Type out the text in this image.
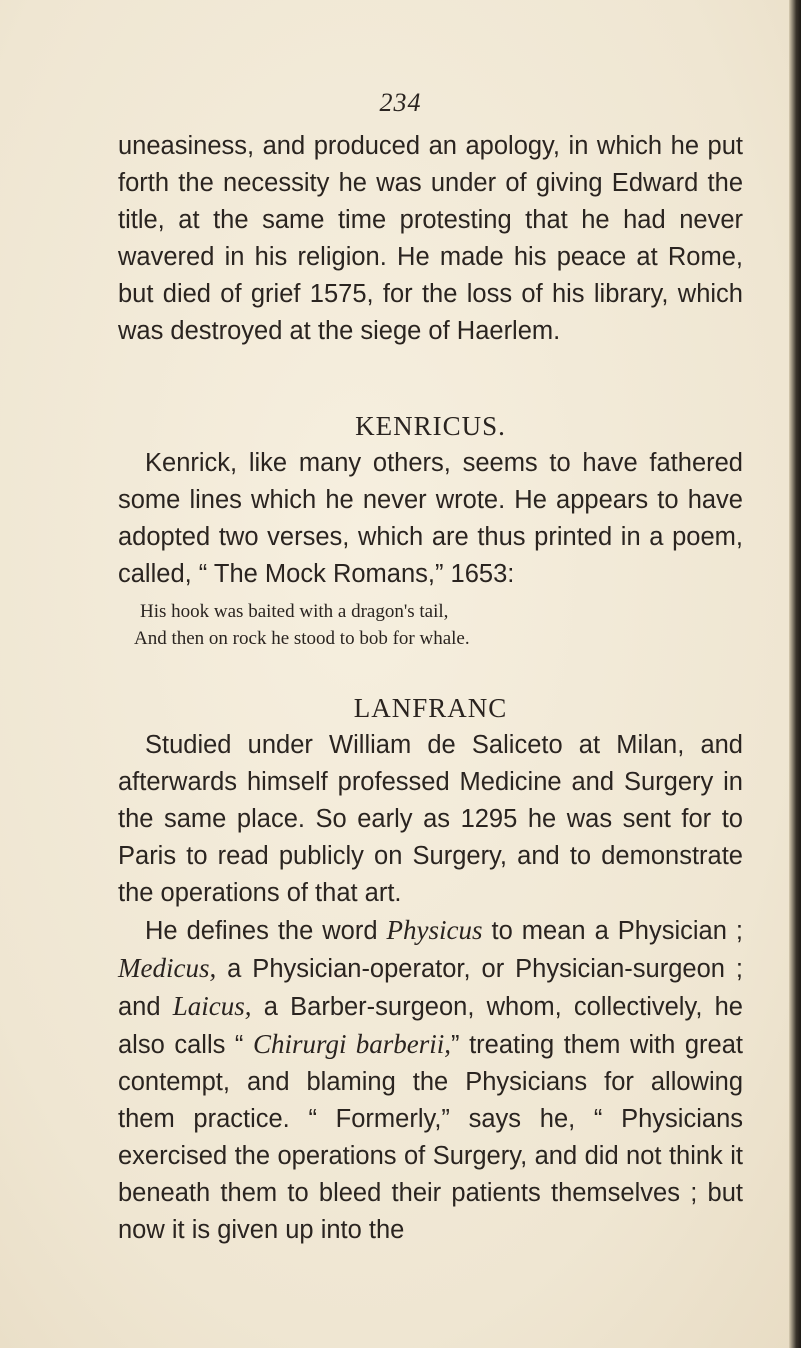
234

uneasiness, and produced an apology, in which he put forth the necessity he was under of giving Edward the title, at the same time protesting that he had never wavered in his religion. He made his peace at Rome, but died of grief 1575, for the loss of his library, which was destroyed at the siege of Haerlem.

KENRICUS.

Kenrick, like many others, seems to have fathered some lines which he never wrote. He appears to have adopted two verses, which are thus printed in a poem, called, “ The Mock Romans,” 1653:

His hook was baited with a dragon's tail,
And then on rock he stood to bob for whale.

LANFRANC

Studied under William de Saliceto at Milan, and afterwards himself professed Medicine and Surgery in the same place. So early as 1295 he was sent for to Paris to read publicly on Surgery, and to demonstrate the operations of that art.

He defines the word Physicus to mean a Physician ; Medicus, a Physician-operator, or Physician-surgeon ; and Laicus, a Barber-surgeon, whom, collectively, he also calls “ Chirurgi barberii,” treating them with great contempt, and blaming the Physicians for allowing them practice. “ Formerly,” says he, “ Physicians exercised the operations of Surgery, and did not think it beneath them to bleed their patients themselves ; but now it is given up into the
